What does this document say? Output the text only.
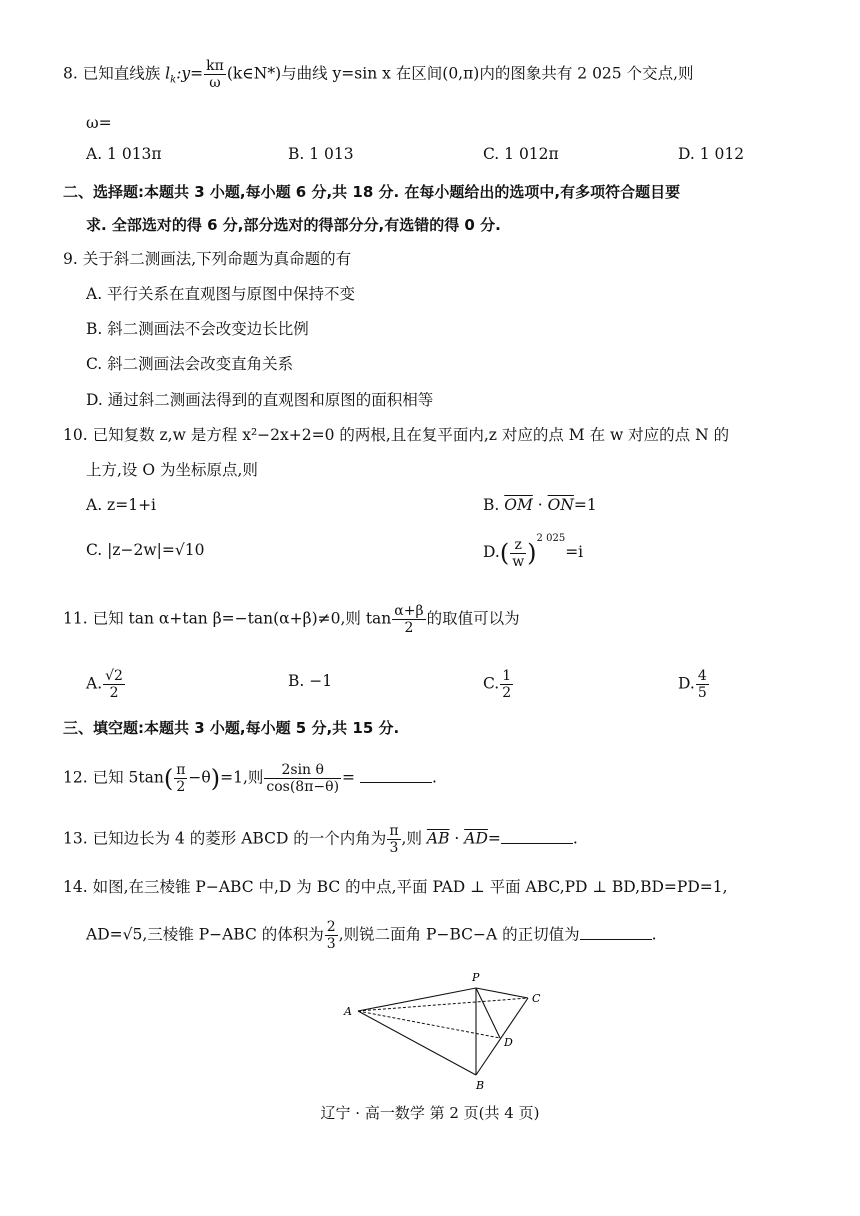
8. 已知直线族 $l_k:y= \frac{k\pi}{\omega}$ (k∈N*)与曲线 y=sin x 在区间(0,π)内的图象共有 2 025 个交点,则
ω=
A. 1 013π	B. 1 013	C. 1 012π	D. 1 012
二、选择题:本题共 3 小题,每小题 6 分,共 18 分. 在每小题给出的选项中,有多项符合题目要
求. 全部选对的得 6 分,部分选对的得部分分,有选错的得 0 分.
9. 关于斜二测画法,下列命题为真命题的有
A. 平行关系在直观图与原图中保持不变
B. 斜二测画法不会改变边长比例
C. 斜二测画法会改变直角关系
D. 通过斜二测画法得到的直观图和原图的面积相等
10. 已知复数 z,w 是方程 x²−2x+2=0 的两根,且在复平面内,z 对应的点 M 在 w 对应的点 N 的
上方,设 O 为坐标原点,则
A. z=1+i	B. $\overline{OM} \cdot \overline{ON}=1$
C. |z−2w|=√10	$D.( \frac{z}{w} )^{2 025}=i$
11. 已知 tan α+tan β=−tan(α+β)≠0,则 $\tan \frac{\alpha+\beta}{2}$ 的取值可以为
A. $\frac{√2}{2}$	B. −1	C. $\frac{1}{2}$	D. $\frac{4}{5}$
三、填空题:本题共 3 小题,每小题 5 分,共 15 分.
12. 已知 $5\tan( \frac{\pi}{2} -\theta)=1$,则 $\frac{\text{2sin θ}}{\cos(8\pi-\theta)}$ =	.
13. 已知边长为 4 的菱形 ABCD 的一个内角为 $\frac{\pi}{3}$ ,则 $\overline{AB} \cdot \overline{AD}=$	.
14. 如图,在三棱锥 P−ABC 中,D 为 BC 的中点,平面 PAD ⊥ 平面 ABC,PD ⊥ BD,BD=PD=1,
AD=√5,三棱锥 P−ABC 的体积为 $\frac{2}{3}$ ,则锐二面角 P−BC−A 的正切值为	.
P
A
B
C
D
辽宁 · 高一数学 第 2 页(共 4 页)
